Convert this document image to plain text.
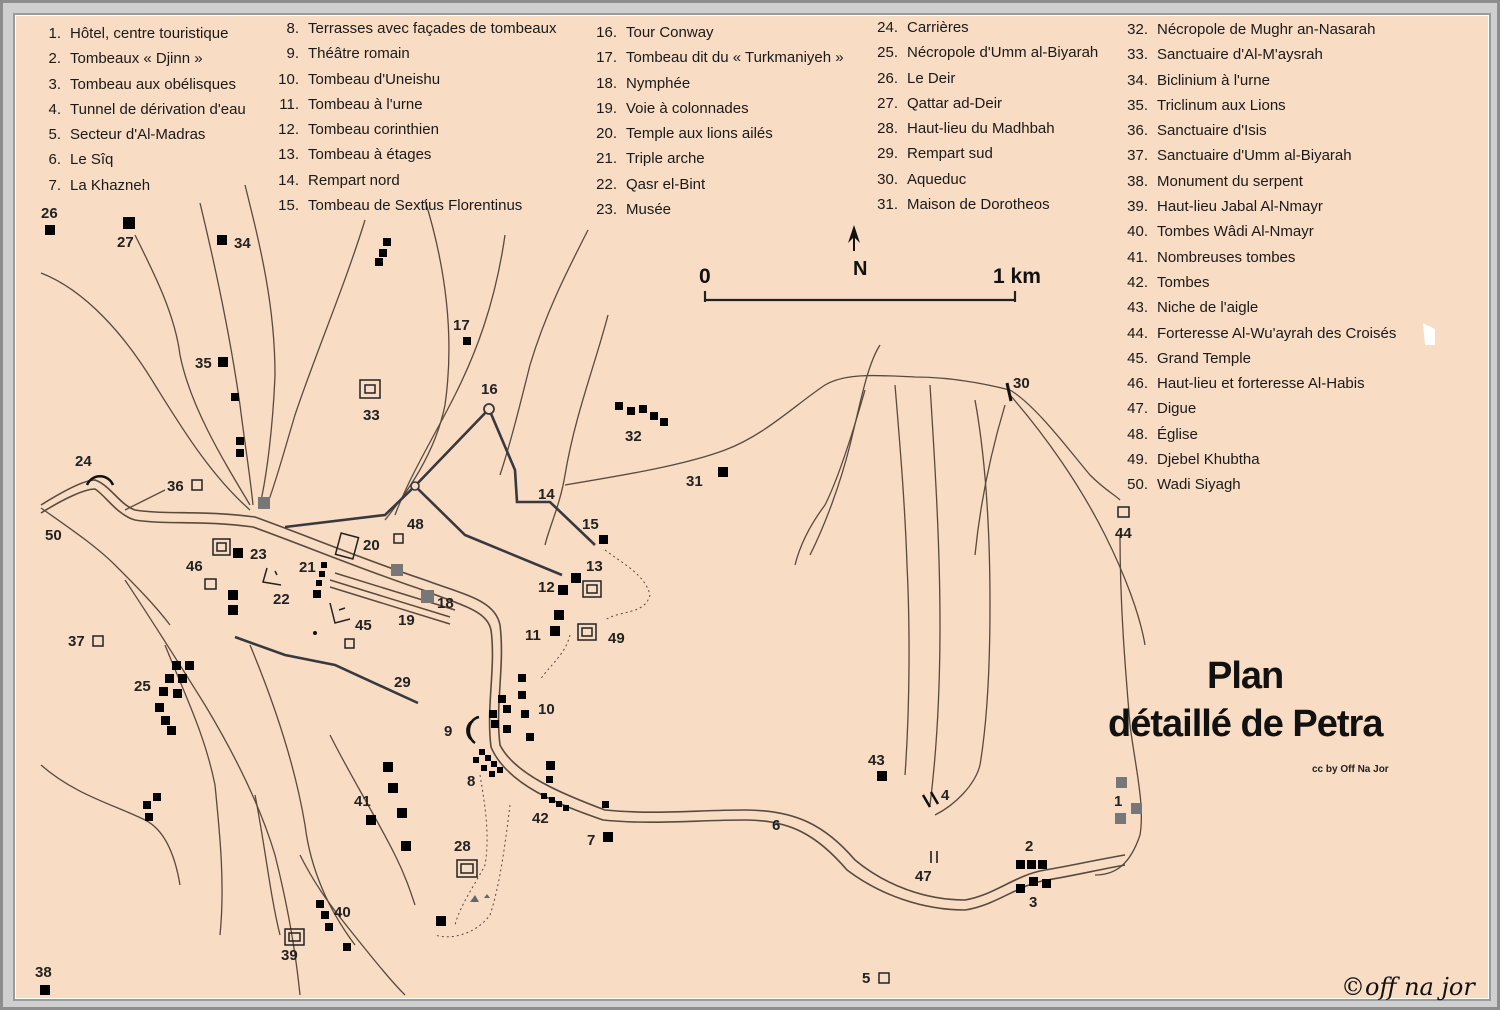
26
27	34
17
16
35
33
32
31
30
24
36	14
15
13
44
50
48
20
23
46	21
22	18
12
19
45
11	49
37
25	29
10
9
8
43
41	1
4
42	6
7
28	2
47
3
40
39
5
38
1. Hôtel, centre touristique
2. Tombeaux « Djinn »
3. Tombeau aux obélisques
4. Tunnel de dérivation d'eau
5. Secteur d'Al-Madras
6. Le Sîq
7. La Khazneh
8. Terrasses avec façades de tombeaux
9. Théâtre romain
10. Tombeau d'Uneishu
11. Tombeau à l'urne
12. Tombeau corinthien
13. Tombeau à étages
14. Rempart nord
15. Tombeau de Sextius Florentinus
16. Tour Conway
17. Tombeau dit du « Turkmaniyeh »
18. Nymphée
19. Voie à colonnades
20. Temple aux lions ailés
21. Triple arche
22. Qasr el-Bint
23. Musée
24. Carrières
25. Nécropole d'Umm al-Biyarah
26. Le Deir
27. Qattar ad-Deir
28. Haut-lieu du Madhbah
29. Rempart sud
30. Aqueduc
31. Maison de Dorotheos
32. Nécropole de Mughr an-Nasarah
33. Sanctuaire d'Al-M'aysrah
34. Biclinium à l'urne
35. Triclinum aux Lions
36. Sanctuaire d'Isis
37. Sanctuaire d'Umm al-Biyarah
38. Monument du serpent
39. Haut-lieu Jabal Al-Nmayr
40. Tombes Wâdi Al-Nmayr
41. Nombreuses tombes
42. Tombes
43. Niche de l'aigle
44. Forteresse Al-Wu'ayrah des Croisés
45. Grand Temple
46. Haut-lieu et forteresse Al-Habis
47. Digue
48. Église
49. Djebel Khubtha
50. Wadi Siyagh
0	1 km
N
Plan
détaillé de Petra
cc by Off Na Jor
©off na jor
